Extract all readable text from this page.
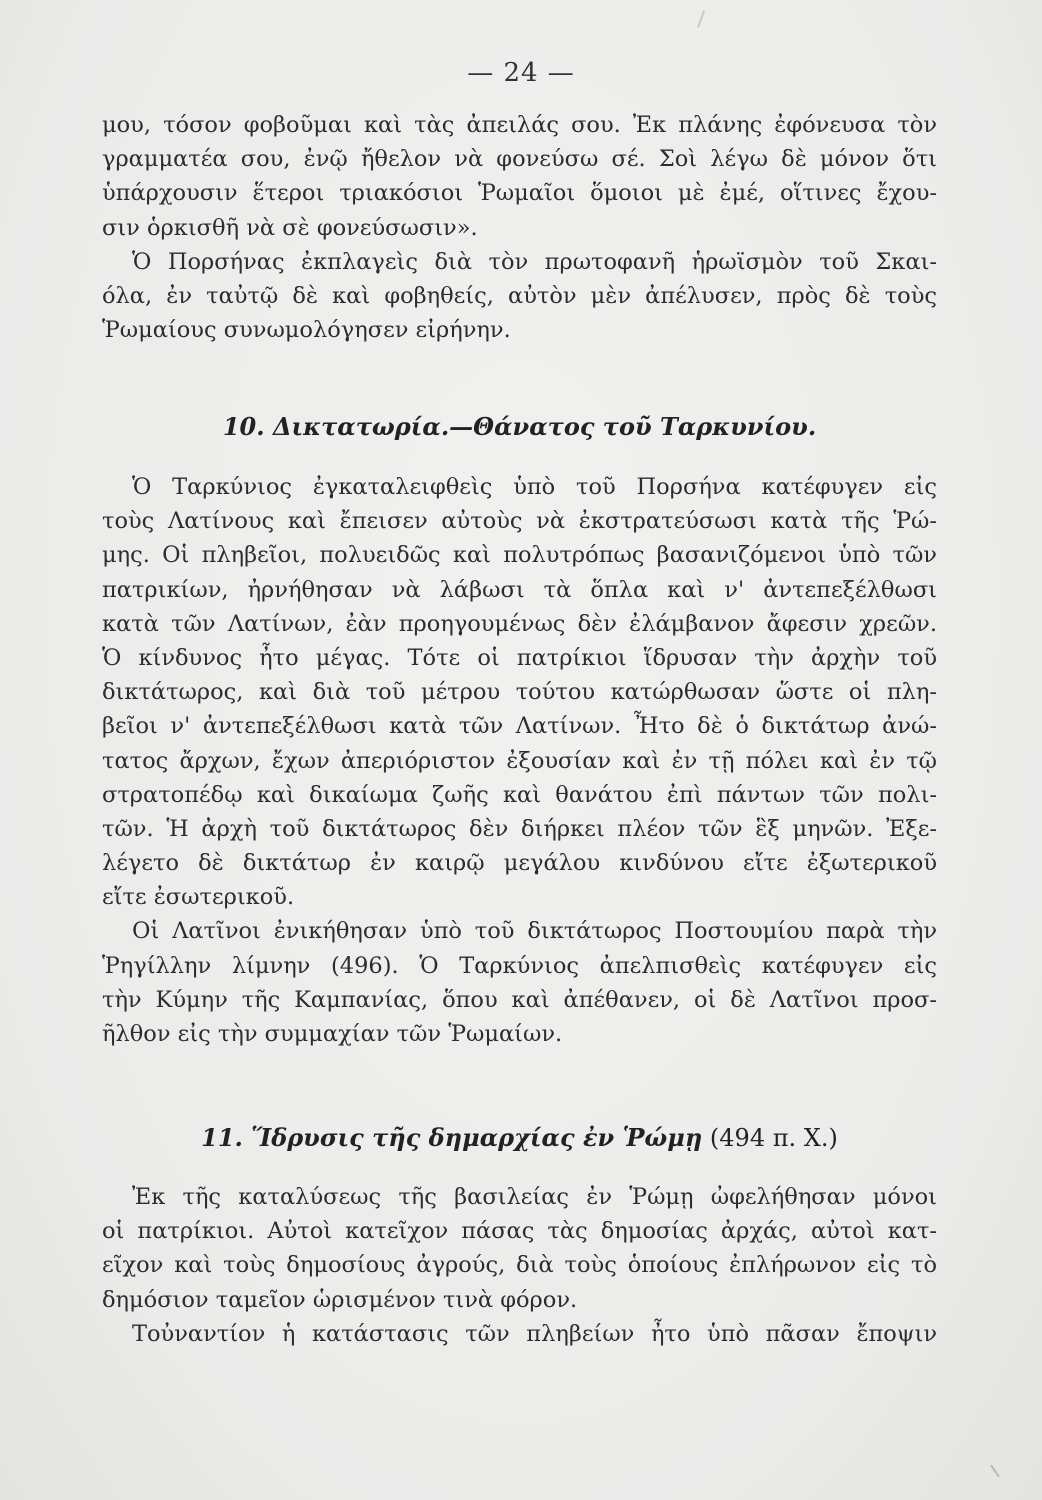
— 24 —
μου, τόσον φοβοῦμαι καὶ τὰς ἀπειλάς σου. Ἐκ πλάνης ἐφόνευσα τὸν
γραμματέα σου, ἐνῷ ἤθελον νὰ φονεύσω σέ. Σοὶ λέγω δὲ μόνον ὅτι
ὑπάρχουσιν ἕτεροι τριακόσιοι Ῥωμαῖοι ὅμοιοι μὲ ἐμέ, οἵτινες ἔχου-
σιν ὁρκισθῆ νὰ σὲ φονεύσωσιν».
Ὁ Πορσήνας ἐκπλαγεὶς διὰ τὸν πρωτοφανῆ ἡρωϊσμὸν τοῦ Σκαι-
όλα, ἐν ταὐτῷ δὲ καὶ φοβηθείς, αὐτὸν μὲν ἀπέλυσεν, πρὸς δὲ τοὺς
Ῥωμαίους συνωμολόγησεν εἰρήνην.
10. Δικτατωρία.—Θάνατος τοῦ Ταρκυνίου.
Ὁ Ταρκύνιος ἐγκαταλειφθεὶς ὑπὸ τοῦ Πορσήνα κατέφυγεν εἰς
τοὺς Λατίνους καὶ ἔπεισεν αὐτοὺς νὰ ἐκστρατεύσωσι κατὰ τῆς Ῥώ-
μης. Οἱ πληβεῖοι, πολυειδῶς καὶ πολυτρόπως βασανιζόμενοι ὑπὸ τῶν
πατρικίων, ἠρνήθησαν νὰ λάβωσι τὰ ὅπλα καὶ ν' ἀντεπεξέλθωσι
κατὰ τῶν Λατίνων, ἐὰν προηγουμένως δὲν ἐλάμβανον ἄφεσιν χρεῶν.
Ὁ κίνδυνος ἦτο μέγας. Τότε οἱ πατρίκιοι ἵδρυσαν τὴν ἀρχὴν τοῦ
δικτάτωρος, καὶ διὰ τοῦ μέτρου τούτου κατώρθωσαν ὥστε οἱ πλη-
βεῖοι ν' ἀντεπεξέλθωσι κατὰ τῶν Λατίνων. Ἦτο δὲ ὁ δικτάτωρ ἀνώ-
τατος ἄρχων, ἔχων ἀπεριόριστον ἐξουσίαν καὶ ἐν τῇ πόλει καὶ ἐν τῷ
στρατοπέδῳ καὶ δικαίωμα ζωῆς καὶ θανάτου ἐπὶ πάντων τῶν πολι-
τῶν. Ἡ ἀρχὴ τοῦ δικτάτωρος δὲν διήρκει πλέον τῶν ἓξ μηνῶν. Ἐξε-
λέγετο δὲ δικτάτωρ ἐν καιρῷ μεγάλου κινδύνου εἴτε ἐξωτερικοῦ
εἴτε ἐσωτερικοῦ.
Οἱ Λατῖνοι ἐνικήθησαν ὑπὸ τοῦ δικτάτωρος Ποστουμίου παρὰ τὴν
Ῥηγίλλην λίμνην (496). Ὁ Ταρκύνιος ἀπελπισθεὶς κατέφυγεν εἰς
τὴν Κύμην τῆς Καμπανίας, ὅπου καὶ ἀπέθανεν, οἱ δὲ Λατῖνοι προσ-
ῆλθον εἰς τὴν συμμαχίαν τῶν Ῥωμαίων.
11. Ἵδρυσις τῆς δημαρχίας ἐν Ῥώμῃ (494 π. Χ.)
Ἐκ τῆς καταλύσεως τῆς βασιλείας ἐν Ῥώμῃ ὠφελήθησαν μόνοι
οἱ πατρίκιοι. Αὐτοὶ κατεῖχον πάσας τὰς δημοσίας ἀρχάς, αὐτοὶ κατ-
εῖχον καὶ τοὺς δημοσίους ἀγρούς, διὰ τοὺς ὁποίους ἐπλήρωνον εἰς τὸ
δημόσιον ταμεῖον ὡρισμένον τινὰ φόρον.
Τοὐναντίον ἡ κατάστασις τῶν πληβείων ἦτο ὑπὸ πᾶσαν ἔποψιν
